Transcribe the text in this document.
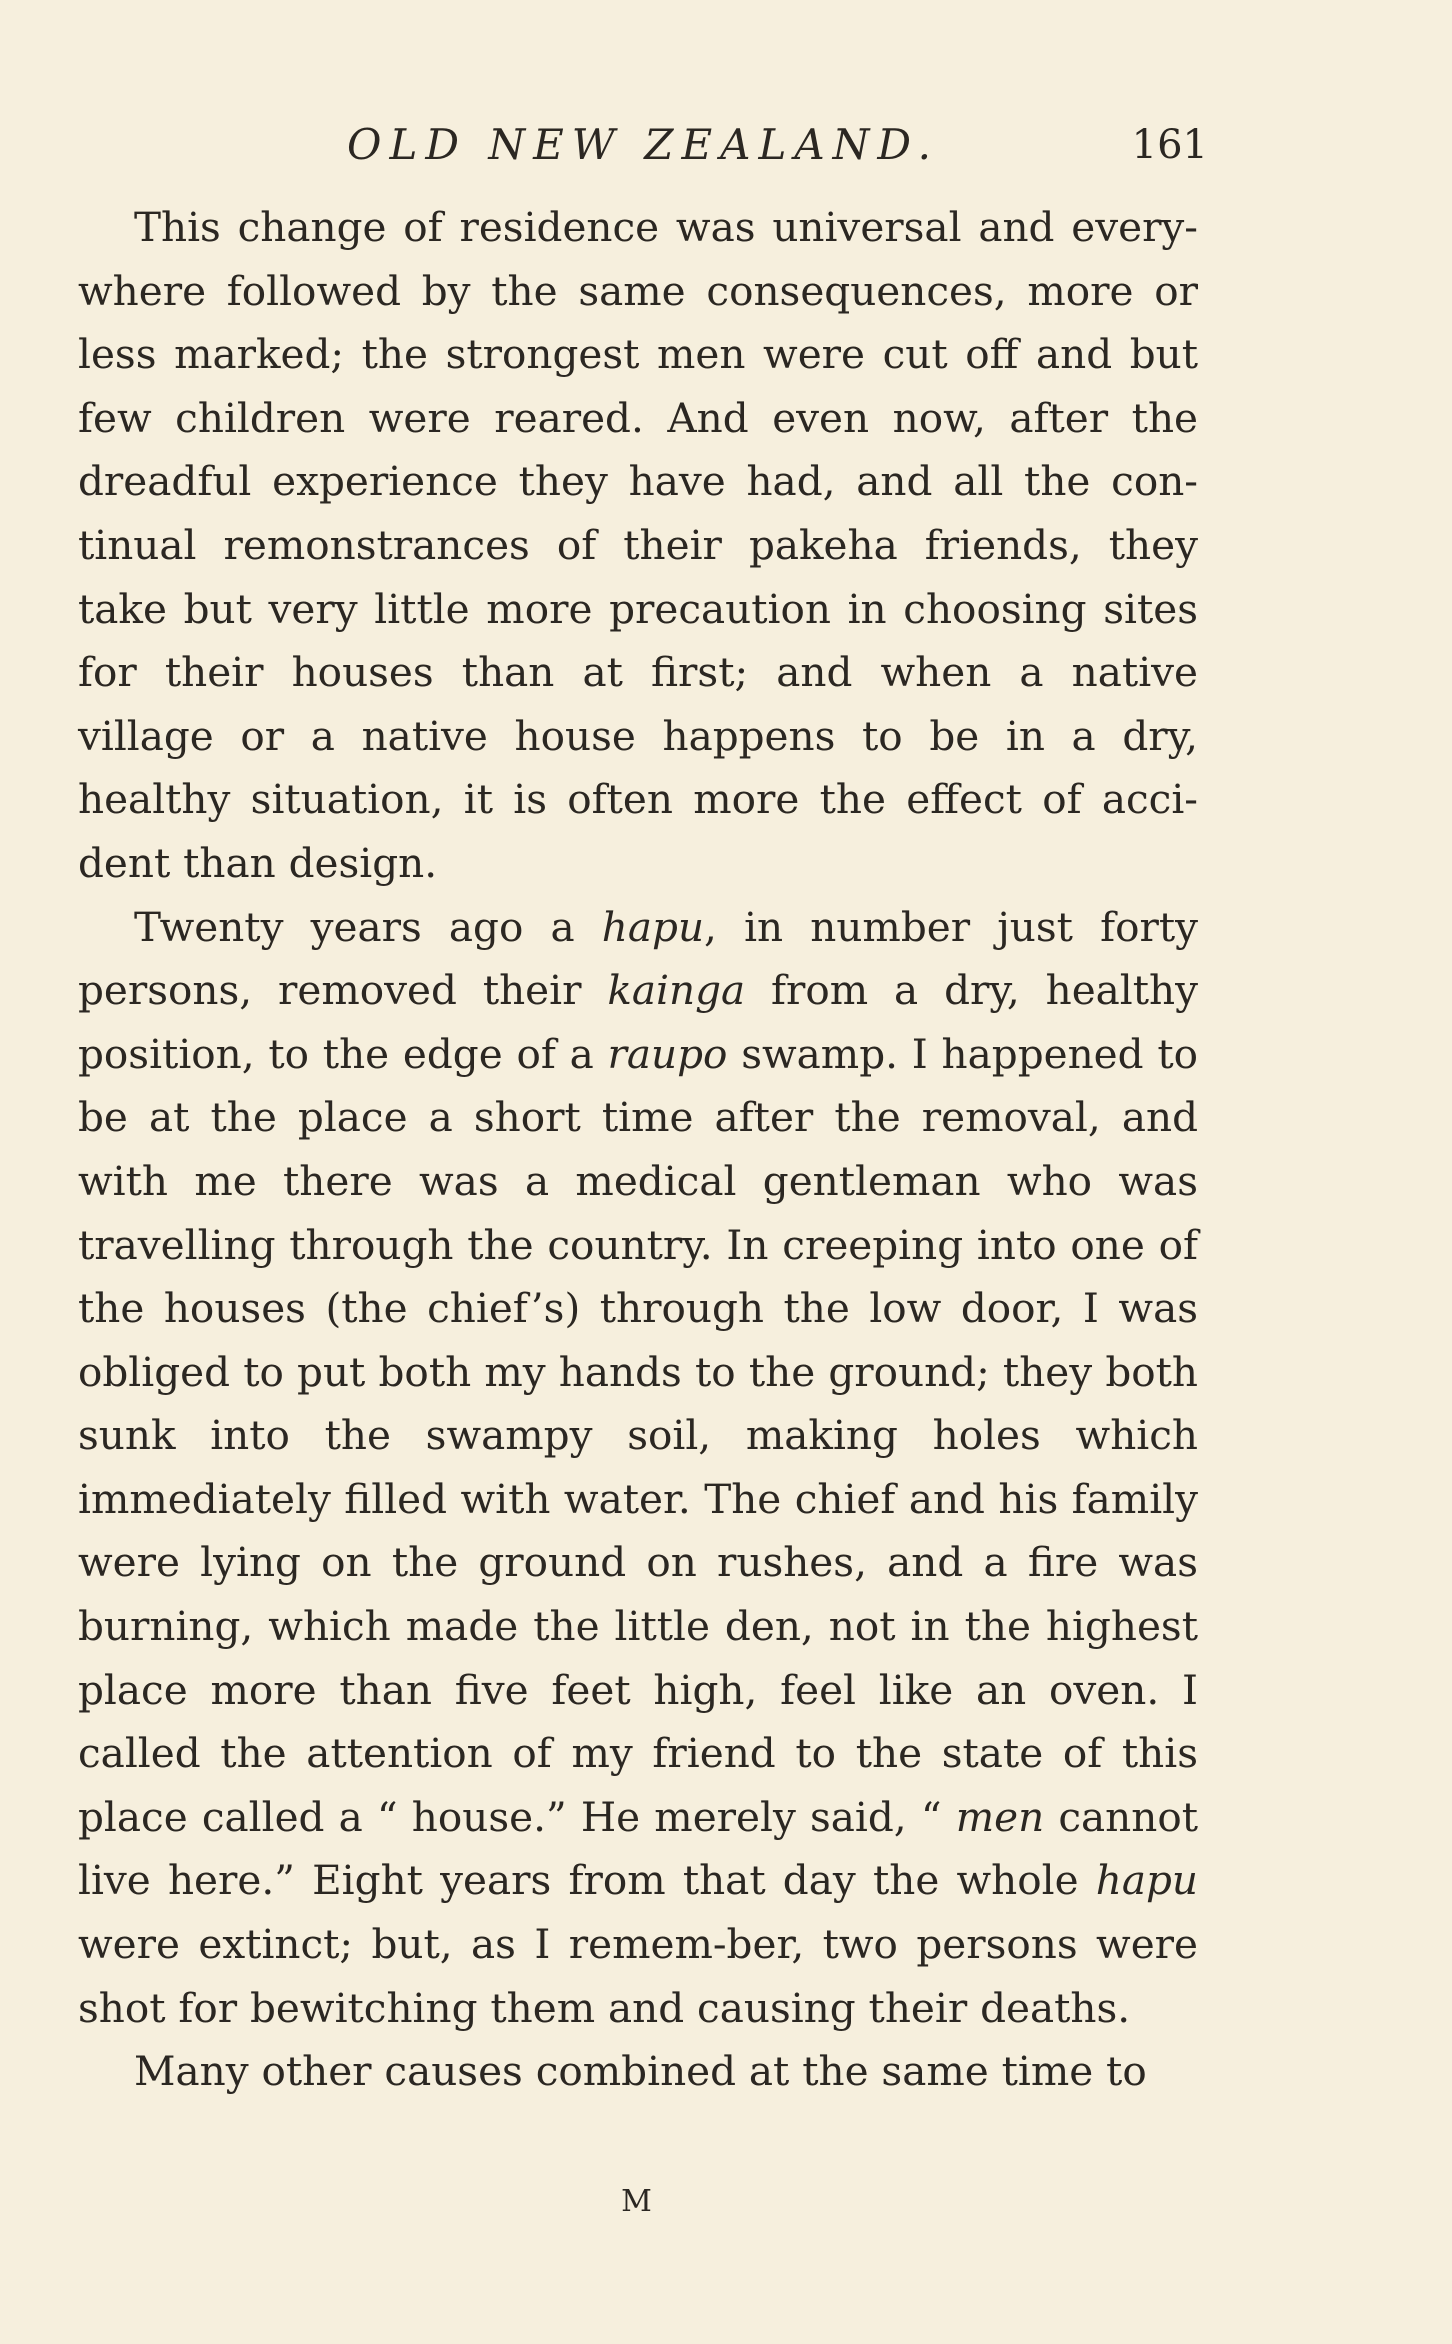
OLD NEW ZEALAND.	161

This change of residence was universal and every-where followed by the same consequences, more or less marked; the strongest men were cut off and but few children were reared. And even now, after the dreadful experience they have had, and all the con-tinual remonstrances of their pakeha friends, they take but very little more precaution in choosing sites for their houses than at first; and when a native village or a native house happens to be in a dry, healthy situation, it is often more the effect of acci-dent than design.

Twenty years ago a hapu, in number just forty persons, removed their kainga from a dry, healthy position, to the edge of a raupo swamp. I happened to be at the place a short time after the removal, and with me there was a medical gentleman who was travelling through the country. In creeping into one of the houses (the chief’s) through the low door, I was obliged to put both my hands to the ground; they both sunk into the swampy soil, making holes which immediately filled with water. The chief and his family were lying on the ground on rushes, and a fire was burning, which made the little den, not in the highest place more than five feet high, feel like an oven. I called the attention of my friend to the state of this place called a “ house.” He merely said, “ men cannot live here.” Eight years from that day the whole hapu were extinct; but, as I remem-ber, two persons were shot for bewitching them and causing their deaths.

Many other causes combined at the same time to

M
